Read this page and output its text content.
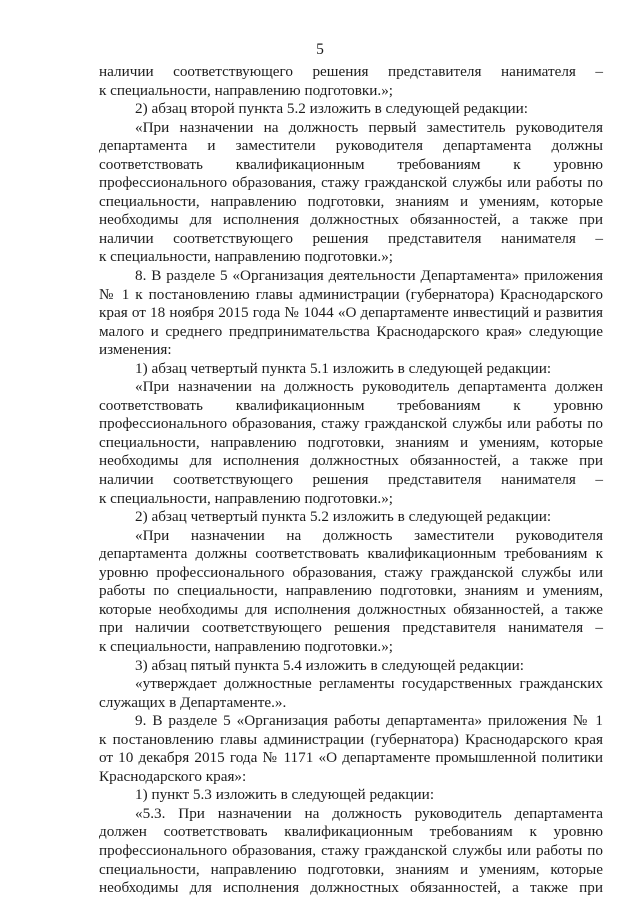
5
наличии соответствующего решения представителя нанимателя –
к специальности, направлению подготовки.»;
2) абзац второй пункта 5.2 изложить в следующей редакции:
«При назначении на должность первый заместитель руководителя
департамента и заместители руководителя департамента должны
соответствовать квалификационным требованиям к уровню
профессионального образования, стажу гражданской службы или работы по
специальности, направлению подготовки, знаниям и умениям, которые
необходимы для исполнения должностных обязанностей, а также при
наличии соответствующего решения представителя нанимателя –
к специальности, направлению подготовки.»;
8. В разделе 5 «Организация деятельности Департамента» приложения
№ 1 к постановлению главы администрации (губернатора) Краснодарского
края от 18 ноября 2015 года № 1044 «О департаменте инвестиций и развития
малого и среднего предпринимательства Краснодарского края» следующие
изменения:
1) абзац четвертый пункта 5.1 изложить в следующей редакции:
«При назначении на должность руководитель департамента должен
соответствовать квалификационным требованиям к уровню
профессионального образования, стажу гражданской службы или работы по
специальности, направлению подготовки, знаниям и умениям, которые
необходимы для исполнения должностных обязанностей, а также при
наличии соответствующего решения представителя нанимателя –
к специальности, направлению подготовки.»;
2) абзац четвертый пункта 5.2 изложить в следующей редакции:
«При назначении на должность заместители руководителя
департамента должны соответствовать квалификационным требованиям к
уровню профессионального образования, стажу гражданской службы или
работы по специальности, направлению подготовки, знаниям и умениям,
которые необходимы для исполнения должностных обязанностей, а также
при наличии соответствующего решения представителя нанимателя –
к специальности, направлению подготовки.»;
3) абзац пятый пункта 5.4 изложить в следующей редакции:
«утверждает должностные регламенты государственных гражданских
служащих в Департаменте.».
9. В разделе 5 «Организация работы департамента» приложения № 1
к постановлению главы администрации (губернатора) Краснодарского края
от 10 декабря 2015 года № 1171 «О департаменте промышленной политики
Краснодарского края»:
1) пункт 5.3 изложить в следующей редакции:
«5.3. При назначении на должность руководитель департамента
должен соответствовать квалификационным требованиям к уровню
профессионального образования, стажу гражданской службы или работы по
специальности, направлению подготовки, знаниям и умениям, которые
необходимы для исполнения должностных обязанностей, а также при
